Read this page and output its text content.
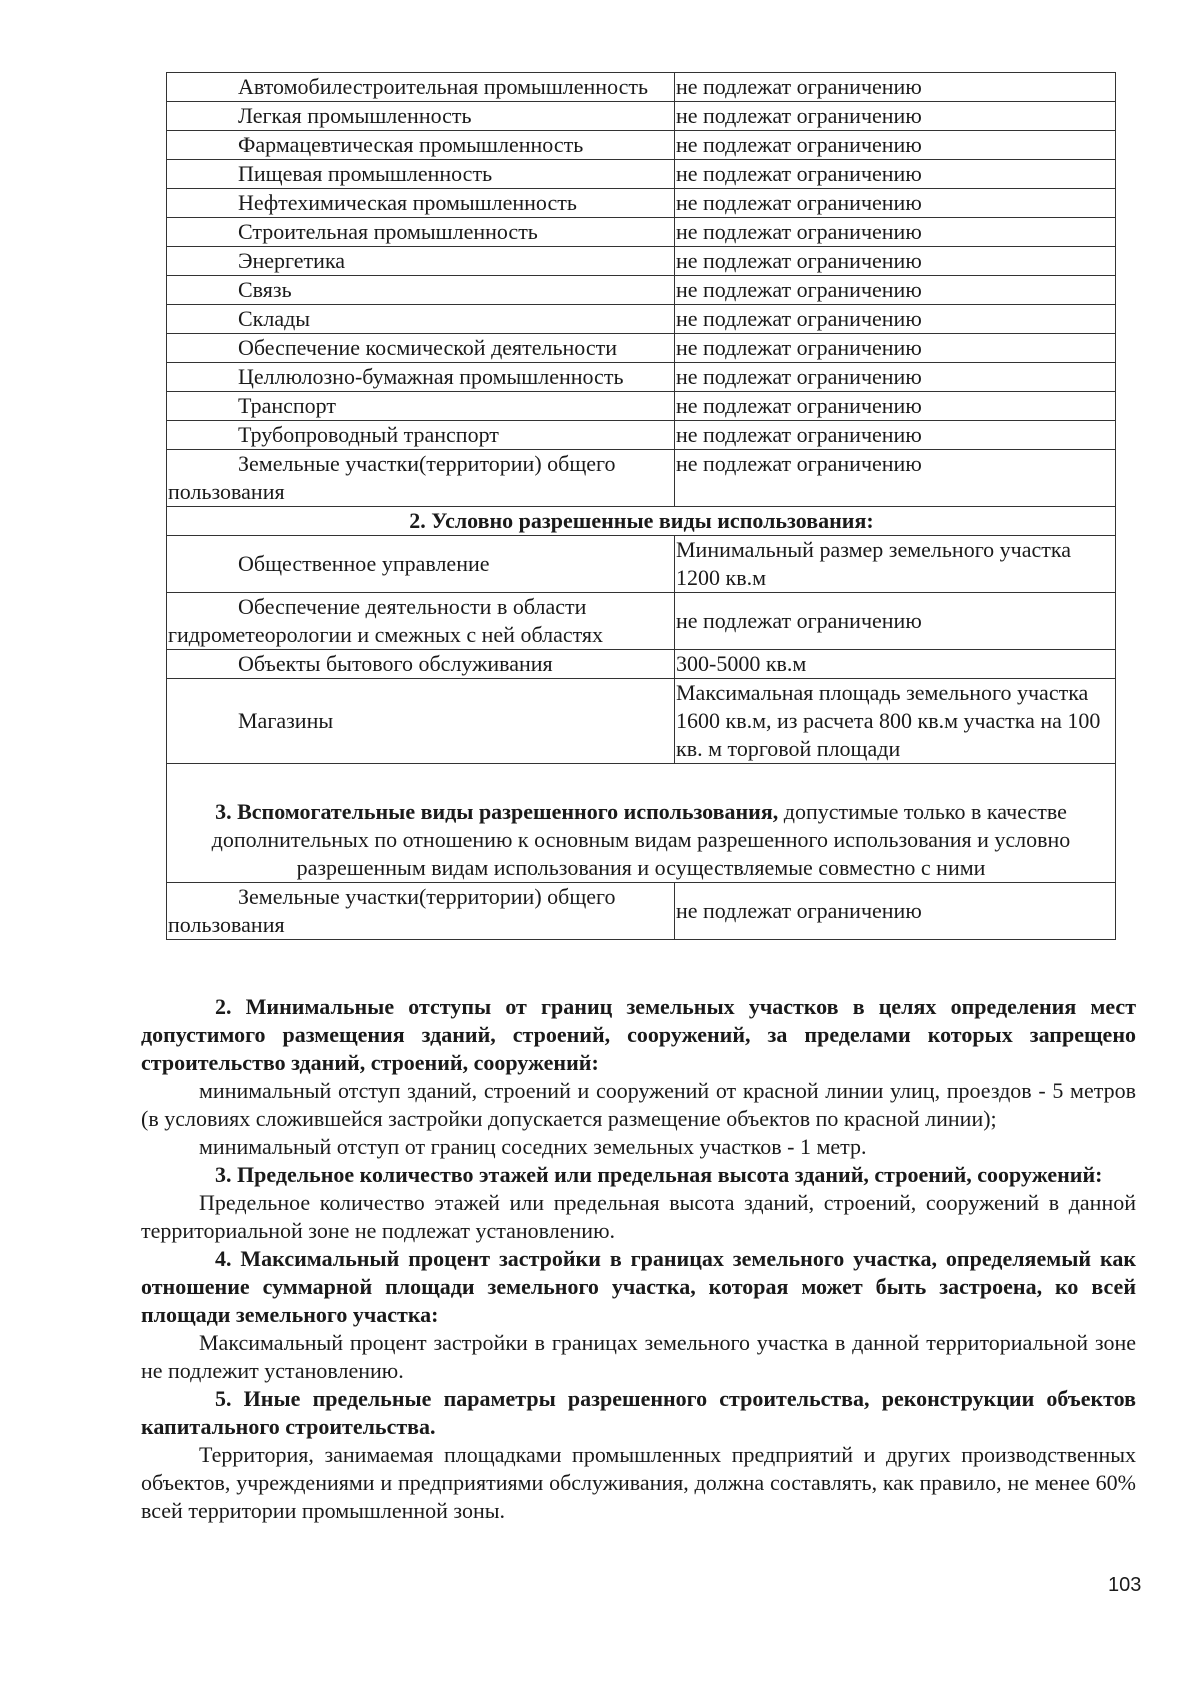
Автомобилестроительная промышленность	не подлежат ограничению

Легкая промышленность	не подлежат ограничению

Фармацевтическая промышленность	не подлежат ограничению

Пищевая промышленность	не подлежат ограничению

Нефтехимическая промышленность	не подлежат ограничению

Строительная промышленность	не подлежат ограничению

Энергетика	не подлежат ограничению

Связь	не подлежат ограничению

Склады	не подлежат ограничению

Обеспечение космической деятельности	не подлежат ограничению

Целлюлозно-бумажная промышленность	не подлежат ограничению

Транспорт	не подлежат ограничению

Трубопроводный транспорт	не подлежат ограничению

Земельные участки(территории) общего пользования	не подлежат ограничению
2. Условно разрешенные виды использования:	

Общественное управление	Минимальный размер земельного участка 1200 кв.м

Обеспечение деятельности в области гидрометеорологии и смежных с ней областях	не подлежат ограничению

Объекты бытового обслуживания	300-5000 кв.м

Магазины	Максимальная площадь земельного участка 1600 кв.м, из расчета 800 кв.м участка на 100 кв. м торговой площади
3. Вспомогательные виды разрешенного использования, допустимые только в качестве дополнительных по отношению к основным видам разрешенного использования и условно разрешенным видам использования и осуществляемые совместно с ними	

Земельные участки(территории) общего пользования	не подлежат ограничению

2. Минимальные отступы от границ земельных участков в целях определения мест допустимого размещения зданий, строений, сооружений, за пределами которых запрещено строительство зданий, строений, сооружений:

минимальный отступ зданий, строений и сооружений от красной линии улиц, проездов - 5 метров (в условиях сложившейся застройки допускается размещение объектов по красной линии);

минимальный отступ от границ соседних земельных участков - 1 метр.

3. Предельное количество этажей или предельная высота зданий, строений, сооружений:

Предельное количество этажей или предельная высота зданий, строений, сооружений в данной территориальной зоне не подлежат установлению.

4. Максимальный процент застройки в границах земельного участка, определяемый как отношение суммарной площади земельного участка, которая может быть застроена, ко всей площади земельного участка:

Максимальный процент застройки в границах земельного участка в данной территориальной зоне не подлежит установлению.

5. Иные предельные параметры разрешенного строительства, реконструкции объектов капитального строительства.

Территория, занимаемая площадками промышленных предприятий и других производственных объектов, учреждениями и предприятиями обслуживания, должна составлять, как правило, не менее 60% всей территории промышленной зоны.

103
